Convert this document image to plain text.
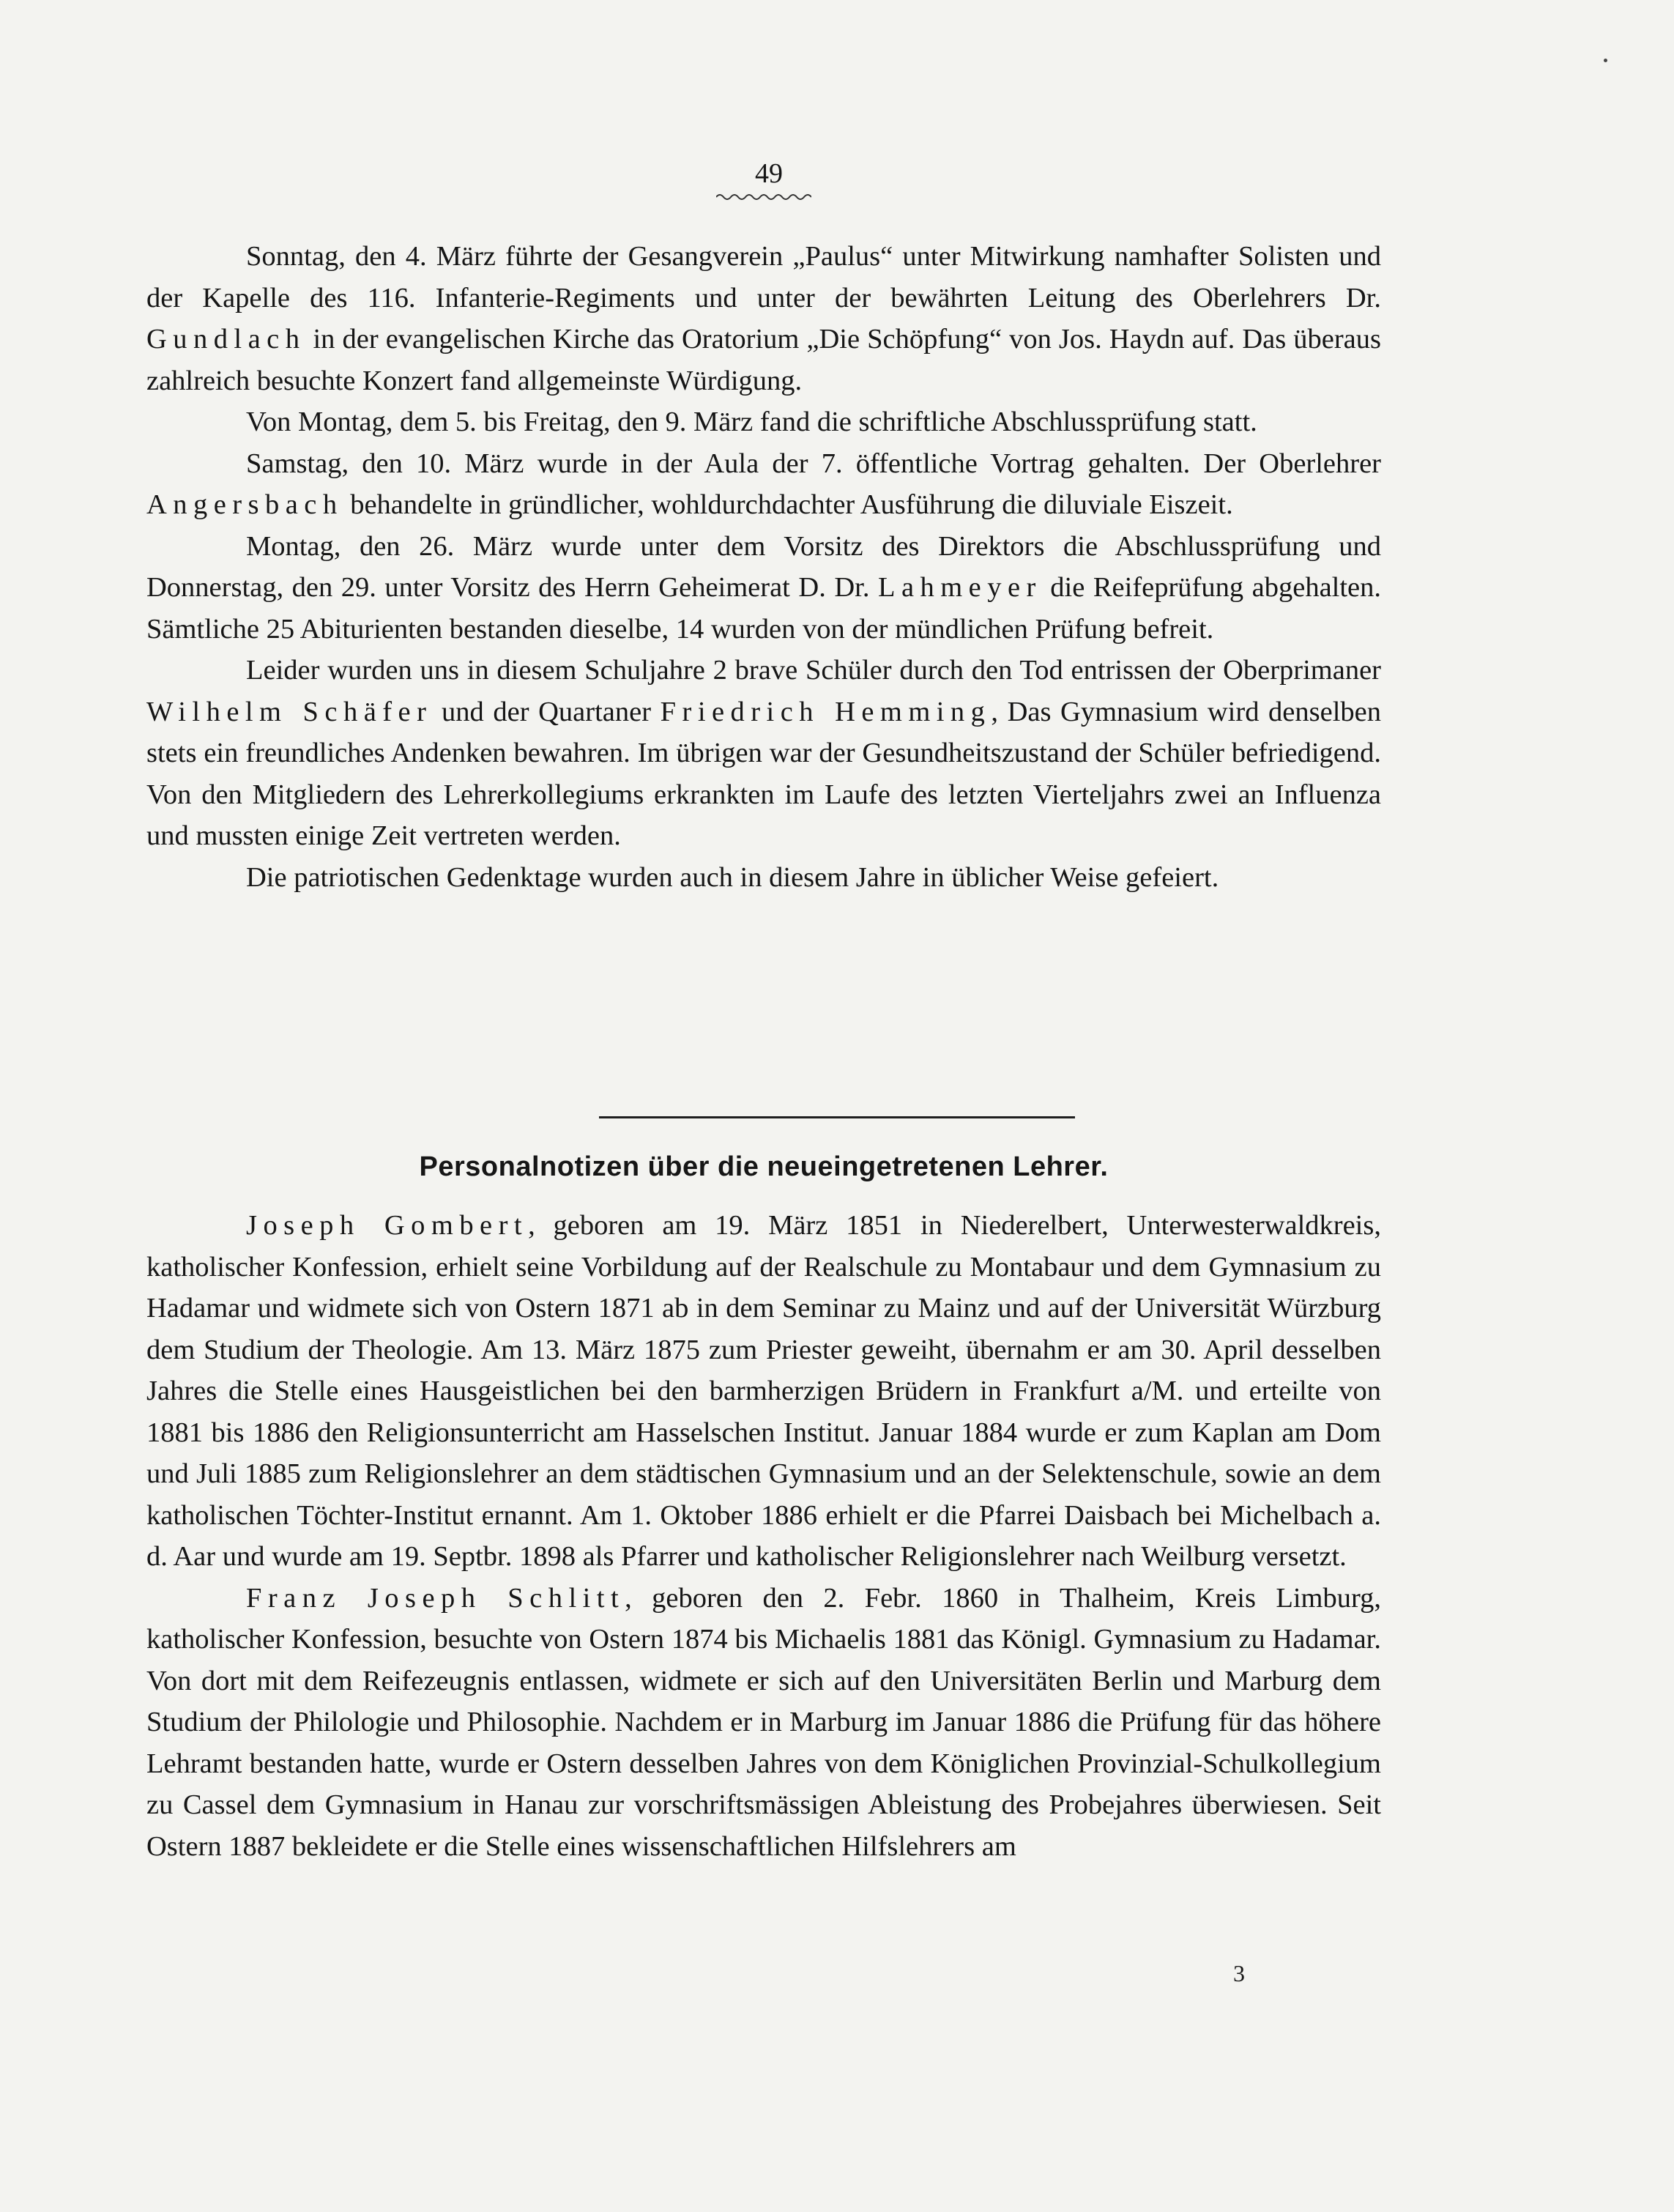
49

Sonntag, den 4. März führte der Gesangverein „Paulus“ unter Mitwirkung namhafter Solisten und der Kapelle des 116. Infanterie-Regiments und unter der bewährten Leitung des Oberlehrers Dr. Gundlach in der evangelischen Kirche das Oratorium „Die Schöpfung“ von Jos. Haydn auf. Das überaus zahlreich besuchte Konzert fand allgemeinste Würdigung.

Von Montag, dem 5. bis Freitag, den 9. März fand die schriftliche Abschlussprüfung statt.

Samstag, den 10. März wurde in der Aula der 7. öffentliche Vortrag gehalten. Der Oberlehrer Angersbach behandelte in gründlicher, wohldurchdachter Ausführung die diluviale Eiszeit.

Montag, den 26. März wurde unter dem Vorsitz des Direktors die Abschlussprüfung und Donnerstag, den 29. unter Vorsitz des Herrn Geheimerat D. Dr. Lahmeyer die Reifeprüfung abgehalten. Sämtliche 25 Abiturienten bestanden dieselbe, 14 wurden von der mündlichen Prüfung befreit.

Leider wurden uns in diesem Schuljahre 2 brave Schüler durch den Tod entrissen der Oberprimaner Wilhelm Schäfer und der Quartaner Friedrich Hemming, Das Gymnasium wird denselben stets ein freundliches Andenken bewahren. Im übrigen war der Gesundheitszustand der Schüler befriedigend. Von den Mitgliedern des Lehrerkollegiums erkrankten im Laufe des letzten Vierteljahrs zwei an Influenza und mussten einige Zeit vertreten werden.

Die patriotischen Gedenktage wurden auch in diesem Jahre in üblicher Weise gefeiert.

Personalnotizen über die neueingetretenen Lehrer.

Joseph Gombert, geboren am 19. März 1851 in Niederelbert, Unterwesterwaldkreis, katholischer Konfession, erhielt seine Vorbildung auf der Realschule zu Montabaur und dem Gymnasium zu Hadamar und widmete sich von Ostern 1871 ab in dem Seminar zu Mainz und auf der Universität Würzburg dem Studium der Theologie. Am 13. März 1875 zum Priester geweiht, übernahm er am 30. April desselben Jahres die Stelle eines Hausgeistlichen bei den barmherzigen Brüdern in Frankfurt a/M. und erteilte von 1881 bis 1886 den Religionsunterricht am Hasselschen Institut. Januar 1884 wurde er zum Kaplan am Dom und Juli 1885 zum Religionslehrer an dem städtischen Gymnasium und an der Selektenschule, sowie an dem katholischen Töchter-Institut ernannt. Am 1. Oktober 1886 erhielt er die Pfarrei Daisbach bei Michelbach a. d. Aar und wurde am 19. Septbr. 1898 als Pfarrer und katholischer Religionslehrer nach Weilburg versetzt.

Franz Joseph Schlitt, geboren den 2. Febr. 1860 in Thalheim, Kreis Limburg, katholischer Konfession, besuchte von Ostern 1874 bis Michaelis 1881 das Königl. Gymnasium zu Hadamar. Von dort mit dem Reifezeugnis entlassen, widmete er sich auf den Universitäten Berlin und Marburg dem Studium der Philologie und Philosophie. Nachdem er in Marburg im Januar 1886 die Prüfung für das höhere Lehramt bestanden hatte, wurde er Ostern desselben Jahres von dem Königlichen Provinzial-Schulkollegium zu Cassel dem Gymnasium in Hanau zur vorschriftsmässigen Ableistung des Probejahres überwiesen. Seit Ostern 1887 bekleidete er die Stelle eines wissenschaftlichen Hilfslehrers am

3
